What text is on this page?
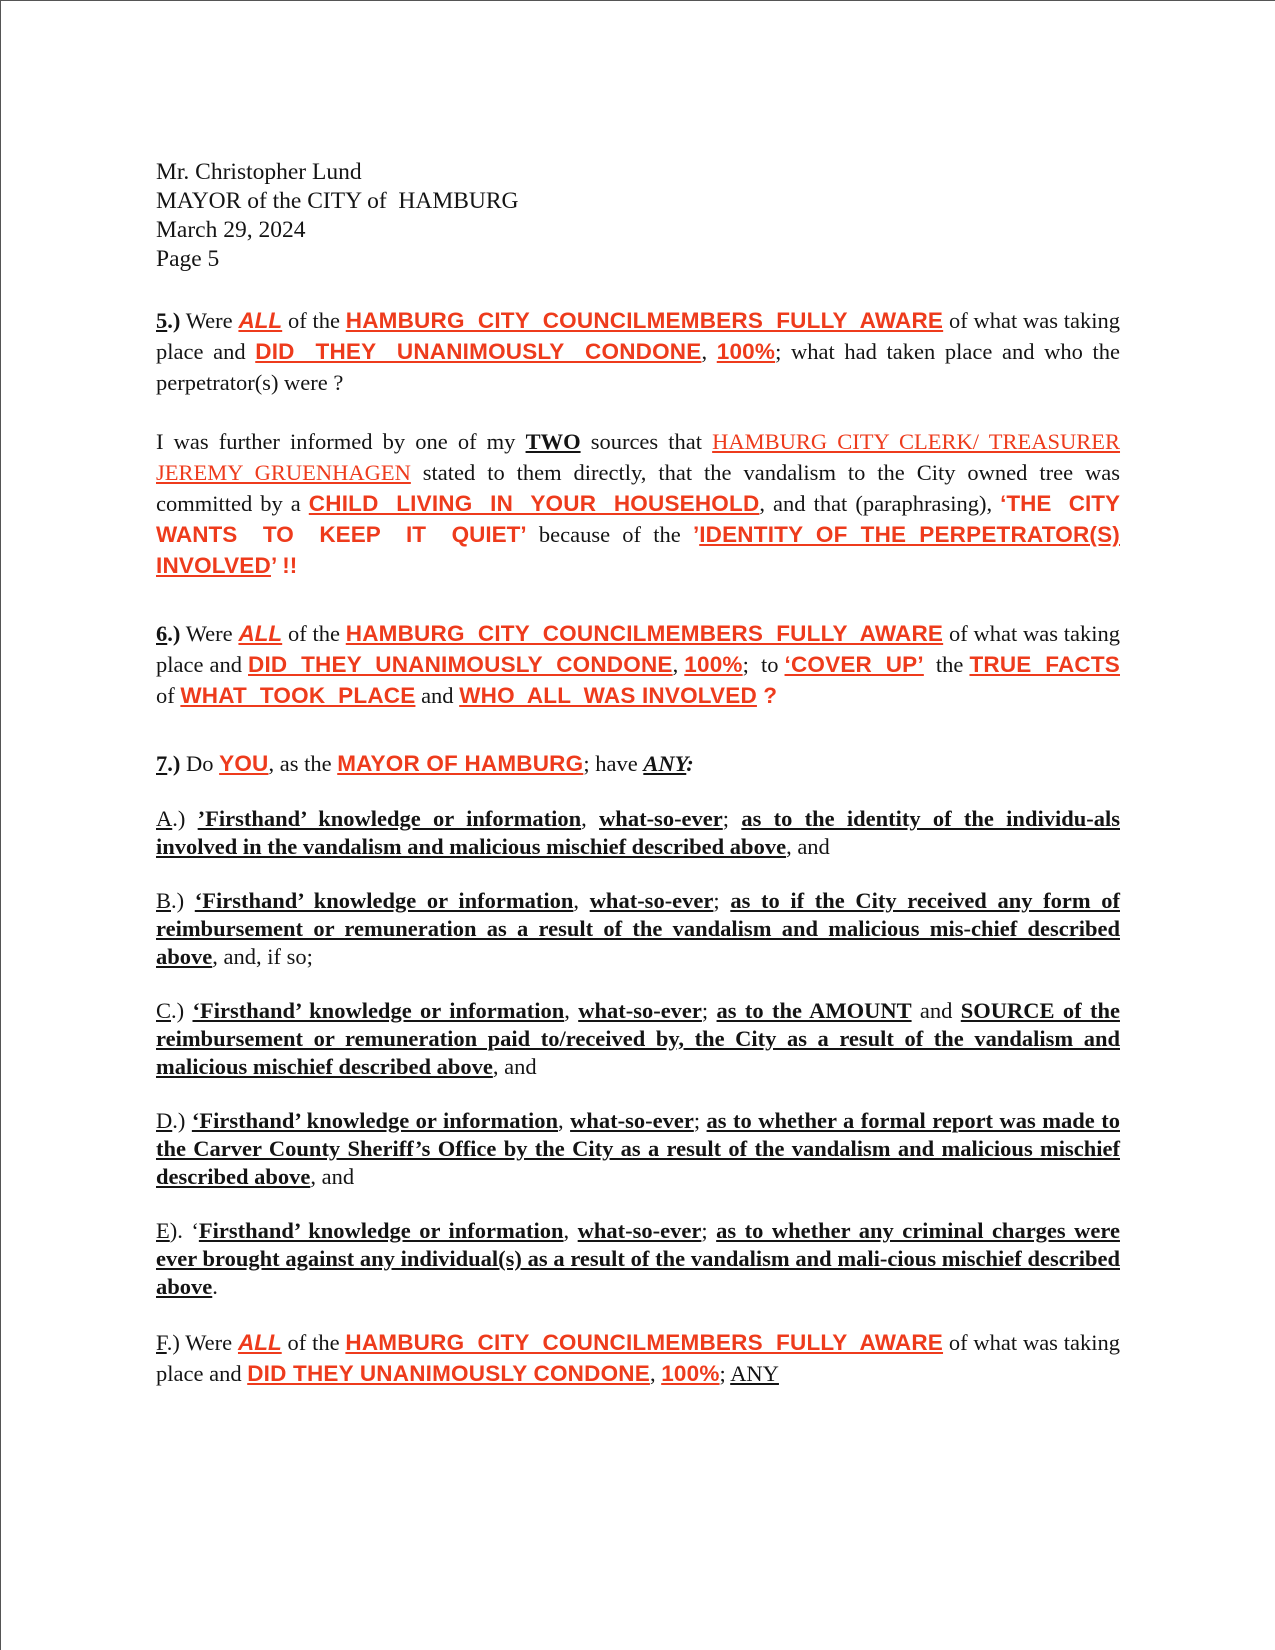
Mr. Christopher Lund
MAYOR of the CITY of  HAMBURG
March 29, 2024
Page 5

5.) Were ALL of the HAMBURG  CITY  COUNCILMEMBERS  FULLY  AWARE of what was taking place and DID  THEY  UNANIMOUSLY  CONDONE, 100%; what had taken place and who the perpetrator(s) were ?

I was further informed by one of my TWO sources that HAMBURG CITY CLERK/ TREASURER JEREMY GRUENHAGEN stated to them directly, that the vandalism to the City owned tree was committed by a CHILD  LIVING  IN  YOUR  HOUSEHOLD, and that (paraphrasing), ‘THE  CITY  WANTS  TO  KEEP  IT  QUIET’ because of the ’IDENTITY OF THE PERPETRATOR(S) INVOLVED’ !!

6.) Were ALL of the HAMBURG  CITY  COUNCILMEMBERS  FULLY  AWARE of what was taking place and DID  THEY  UNANIMOUSLY  CONDONE, 100%;  to ‘COVER  UP’  the TRUE  FACTS of WHAT  TOOK  PLACE and WHO  ALL  WAS INVOLVED ?

7.) Do YOU, as the MAYOR OF HAMBURG; have ANY:

A.) ’Firsthand’ knowledge or information, what-so-ever; as to the identity of the individu-als involved in the vandalism and malicious mischief described above, and

B.) ‘Firsthand’ knowledge or information, what-so-ever; as to if the City received any form of reimbursement or remuneration as a result of the vandalism and malicious mis-chief described above, and, if so;

C.) ‘Firsthand’ knowledge or information, what-so-ever; as to the AMOUNT and SOURCE of the reimbursement or remuneration paid to/received by, the City as a result of the vandalism and malicious mischief described above, and

D.) ‘Firsthand’ knowledge or information, what-so-ever; as to whether a formal report was made to the Carver County Sheriff’s Office by the City as a result of the vandalism and malicious mischief described above, and

E). ‘Firsthand’ knowledge or information, what-so-ever; as to whether any criminal charges were ever brought against any individual(s) as a result of the vandalism and mali-cious mischief described above.

F.) Were ALL of the HAMBURG  CITY  COUNCILMEMBERS  FULLY  AWARE of what was taking place and DID THEY UNANIMOUSLY CONDONE, 100%; ANY
